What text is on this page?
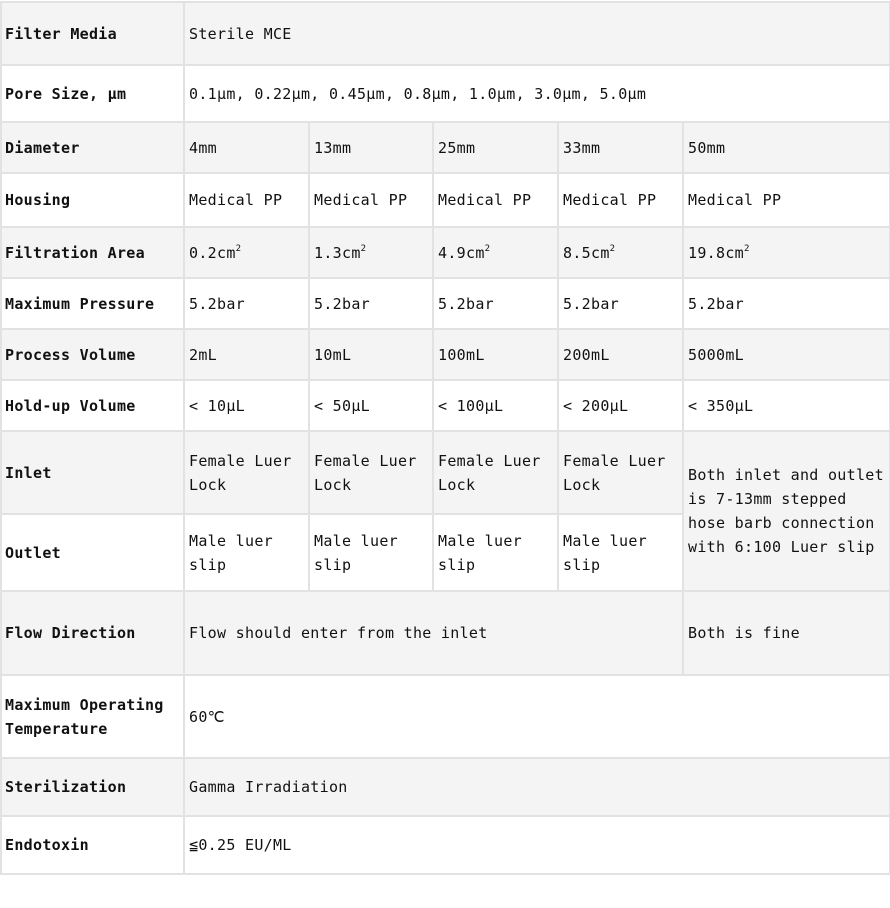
Filter Media	Sterile MCE				
Pore Size, μm	0.1μm, 0.22μm, 0.45μm, 0.8μm, 1.0μm, 3.0μm, 5.0μm				
Diameter	4mm	13mm	25mm	33mm	50mm
Housing	Medical PP	Medical PP	Medical PP	Medical PP	Medical PP
Filtration Area	$0.2cm^2$	$1.3cm^2$	$4.9cm^2$	$8.5cm^2$	$19.8cm^2$
Maximum Pressure	5.2bar	5.2bar	5.2bar	5.2bar	5.2bar
Process Volume	2mL	10mL	100mL	200mL	5000mL
Hold-up Volume	< 10μL	< 50μL	< 100μL	< 200μL	< 350μL
Inlet	Female Luer Lock	Female Luer Lock	Female Luer Lock	Female Luer Lock	Both inlet and outlet is 7-13mm stepped hose barb connection with 6:100 Luer slip
Outlet	Male luer slip	Male luer slip	Male luer slip	Male luer slip	
Flow Direction	Flow should enter from the inlet				Both is fine
Maximum Operating Temperature	60℃				
Sterilization	Gamma Irradiation				
Endotoxin	≦0.25 EU/ML				
